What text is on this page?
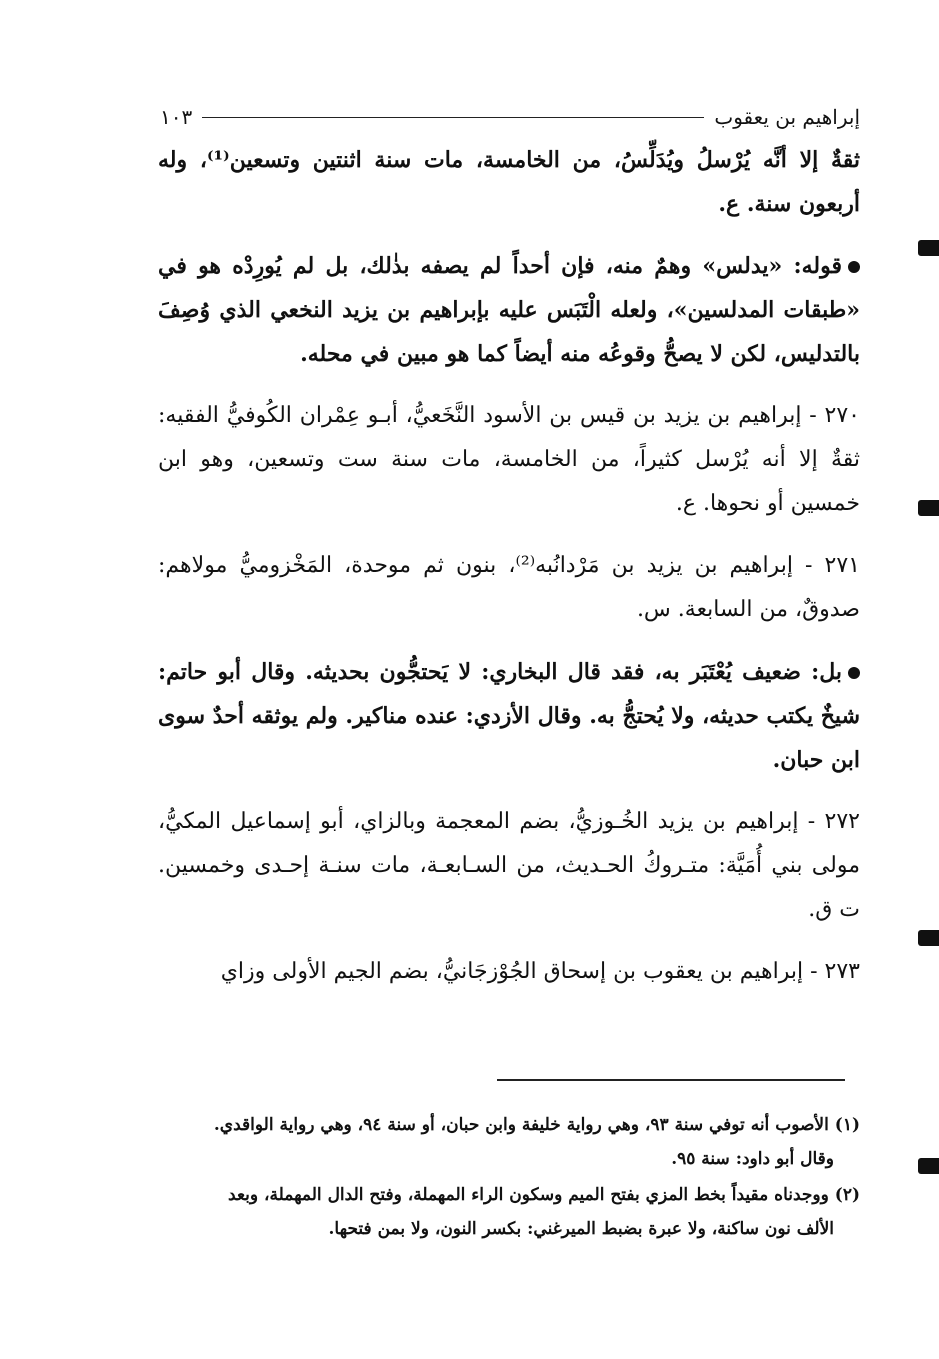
إبراهيم بن يعقوب
١٠٣

ثقةٌ إلا أنَّه يُرْسلُ ويُدَلِّسُ، من الخامسة، مات سنة اثنتين وتسعين⁽¹⁾، وله أربعون سنة. ع.

قوله: «يدلس» وهمٌ منه، فإن أحداً لم يصفه بذٰلك، بل لم يُورِدْه هو في «طبقات المدلسين»، ولعله الْتَبَس عليه بإبراهيم بن يزيد النخعي الذي وُصِفَ بالتدليس، لكن لا يصحُّ وقوعُه منه أيضاً كما هو مبين في محله.

٢٧٠ - إبراهيم بن يزيد بن قيس بن الأسود النَّخَعيُّ، أبـو عِمْران الكُوفيُّ الفقيه: ثقةٌ إلا أنه يُرْسل كثيراً، من الخامسة، مات سنة ست وتسعين، وهو ابن خمسين أو نحوها. ع.

٢٧١ - إبراهيم بن يزيد بن مَرْدانُبه⁽²⁾، بنون ثم موحدة، المَخْزوميُّ مولاهم: صدوقٌ، من السابعة. س.

بل: ضعيف يُعْتَبَر به، فقد قال البخاري: لا يَحتجُّون بحديثه. وقال أبو حاتم: شيخٌ يكتب حديثه، ولا يُحتجُّ به. وقال الأزدي: عنده مناكير. ولم يوثقه أحدٌ سوى ابن حبان.

٢٧٢ - إبراهيم بن يزيد الخُـوزيُّ، بضم المعجمة وبالزاي، أبو إسماعيل المكيُّ، مولى بني أُمَيَّة: متـروكُ الحـديث، من السـابعـة، مات سنـة إحـدى وخمسين. ت ق.

٢٧٣ - إبراهيم بن يعقوب بن إسحاق الجُوْزجَانيُّ، بضم الجيم الأولى وزاي

(١) الأصوب أنه توفي سنة ٩٣، وهي رواية خليفة وابن حبان، أو سنة ٩٤، وهي رواية الواقدي.
وقال أبو داود: سنة ٩٥.

(٢) ووجدناه مقيداً بخط المزي بفتح الميم وسكون الراء المهملة، وفتح الدال المهملة، وبعد
الألف نون ساكنة، ولا عبرة بضبط الميرغني: بكسر النون، ولا بمن فتحها.
